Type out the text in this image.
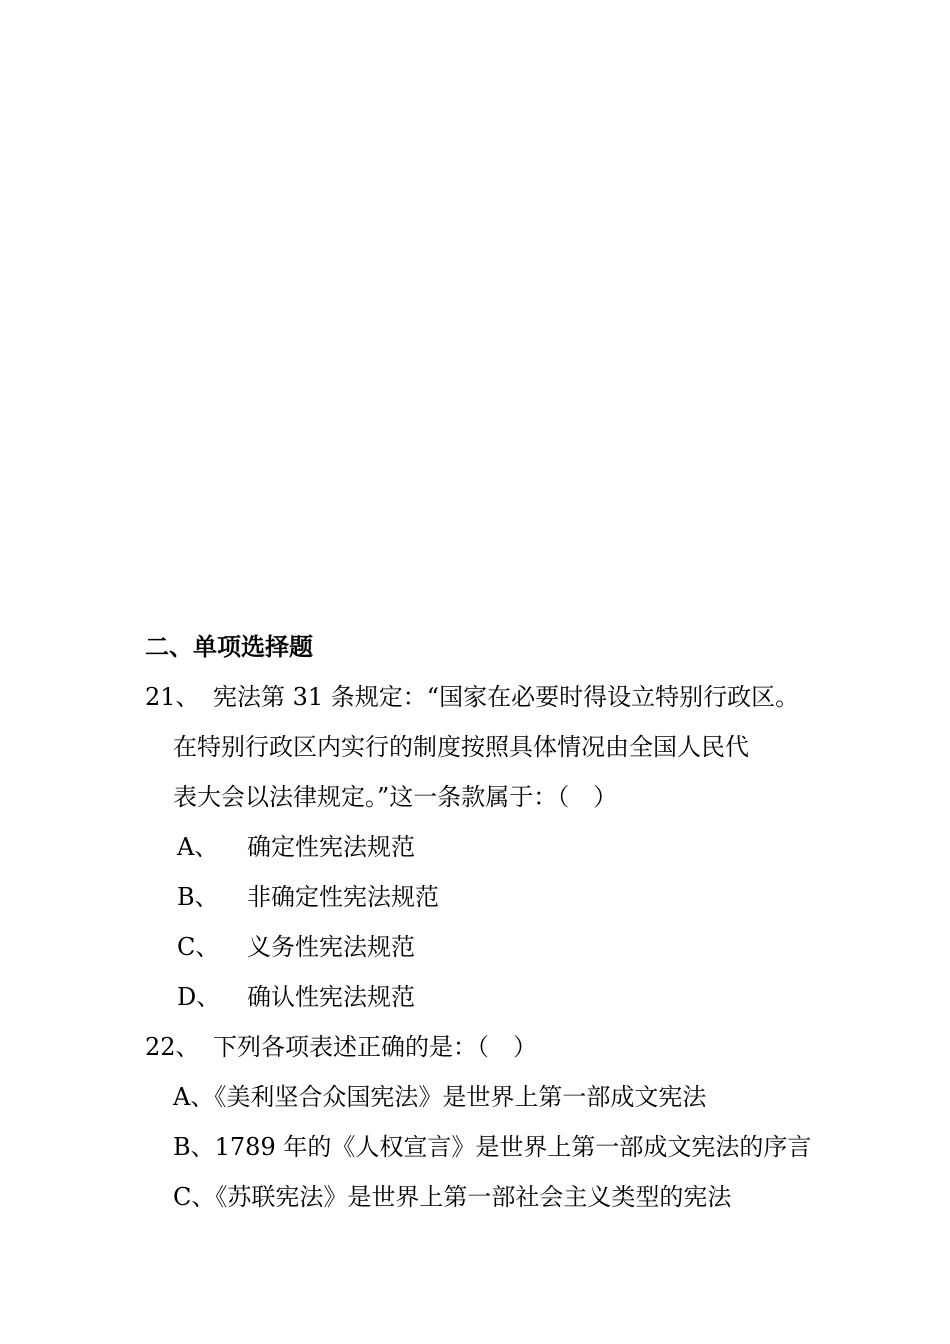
二、单项选择题
21、 宪法第 31 条规定：“国家在必要时得设立特别行政区。
在特别行政区内实行的制度按照具体情况由全国人民代
表大会以法律规定。”这一条款属于：（　）
A、 确定性宪法规范
B、 非确定性宪法规范
C、 义务性宪法规范
D、 确认性宪法规范
22、 下列各项表述正确的是：（　）
A、《美利坚合众国宪法》是世界上第一部成文宪法
B、1789 年的《人权宣言》是世界上第一部成文宪法的序言
C、《苏联宪法》是世界上第一部社会主义类型的宪法
